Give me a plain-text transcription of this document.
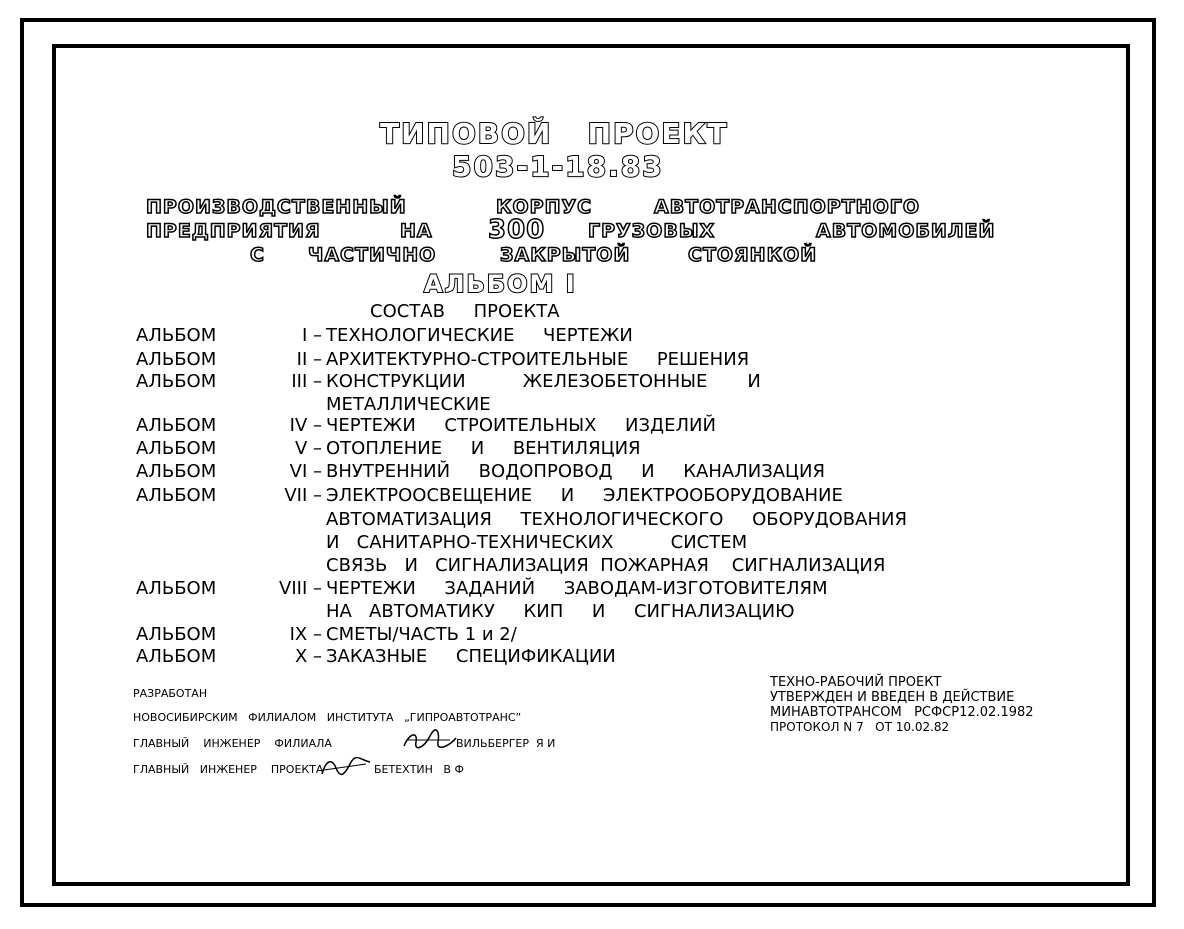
ТИПОВОЙ   ПРОЕКТ
503-1-18.83
ПРОИЗВОДСТВЕННЫЙ	КОРПУС	АВТОТРАНСПОРТНОГО
ПРЕДПРИЯТИЯ	НА 300 ГРУЗОВЫХ	АВТОМОБИЛЕЙ
С ЧАСТИЧНО	ЗАКРЫТОЙ	СТОЯНКОЙ
АЛЬБОМ I
СОСТАВ     ПРОЕКТА
АЛЬБОМ	I – ТЕХНОЛОГИЧЕСКИЕ     ЧЕРТЕЖИ
АЛЬБОМ	II – АРХИТЕКТУРНО-СТРОИТЕЛЬНЫЕ     РЕШЕНИЯ
АЛЬБОМ	III – КОНСТРУКЦИИ          ЖЕЛЕЗОБЕТОННЫЕ       И
МЕТАЛЛИЧЕСКИЕ
АЛЬБОМ	IV – ЧЕРТЕЖИ     СТРОИТЕЛЬНЫХ     ИЗДЕЛИЙ
АЛЬБОМ	V – ОТОПЛЕНИЕ     И     ВЕНТИЛЯЦИЯ
АЛЬБОМ	VI – ВНУТРЕННИЙ     ВОДОПРОВОД     И     КАНАЛИЗАЦИЯ
АЛЬБОМ	VII – ЭЛЕКТРООСВЕЩЕНИЕ     И     ЭЛЕКТРООБОРУДОВАНИЕ
АВТОМАТИЗАЦИЯ     ТЕХНОЛОГИЧЕСКОГО     ОБОРУДОВАНИЯ
И   САНИТАРНО-ТЕХНИЧЕСКИХ          СИСТЕМ
СВЯЗЬ   И   СИГНАЛИЗАЦИЯ  ПОЖАРНАЯ    СИГНАЛИЗАЦИЯ
АЛЬБОМ	VIII – ЧЕРТЕЖИ     ЗАДАНИЙ     ЗАВОДАМ-ИЗГОТОВИТЕЛЯМ
НА   АВТОМАТИКУ     КИП     И     СИГНАЛИЗАЦИЮ
АЛЬБОМ	IX – СМЕТЫ/ЧАСТЬ 1 и 2/
АЛЬБОМ	X – ЗАКАЗНЫЕ     СПЕЦИФИКАЦИИ
ТЕХНО-РАБОЧИЙ ПРОЕКТ
УТВЕРЖДЕН И ВВЕДЕН В ДЕЙСТВИЕ
МИНАВТОТРАНСОМ   РСФСР12.02.1982
ПРОТОКОЛ N 7   ОТ 10.02.82
РАЗРАБОТАН
НОВОСИБИРСКИМ   ФИЛИАЛОМ   ИНСТИТУТА   „ГИПРОАВТОТРАНС”
ГЛАВНЫЙ    ИНЖЕНЕР    ФИЛИАЛА	ВИЛЬБЕРГЕР  Я И
ГЛАВНЫЙ   ИНЖЕНЕР    ПРОЕКТА	БЕТЕХТИН   В Ф
